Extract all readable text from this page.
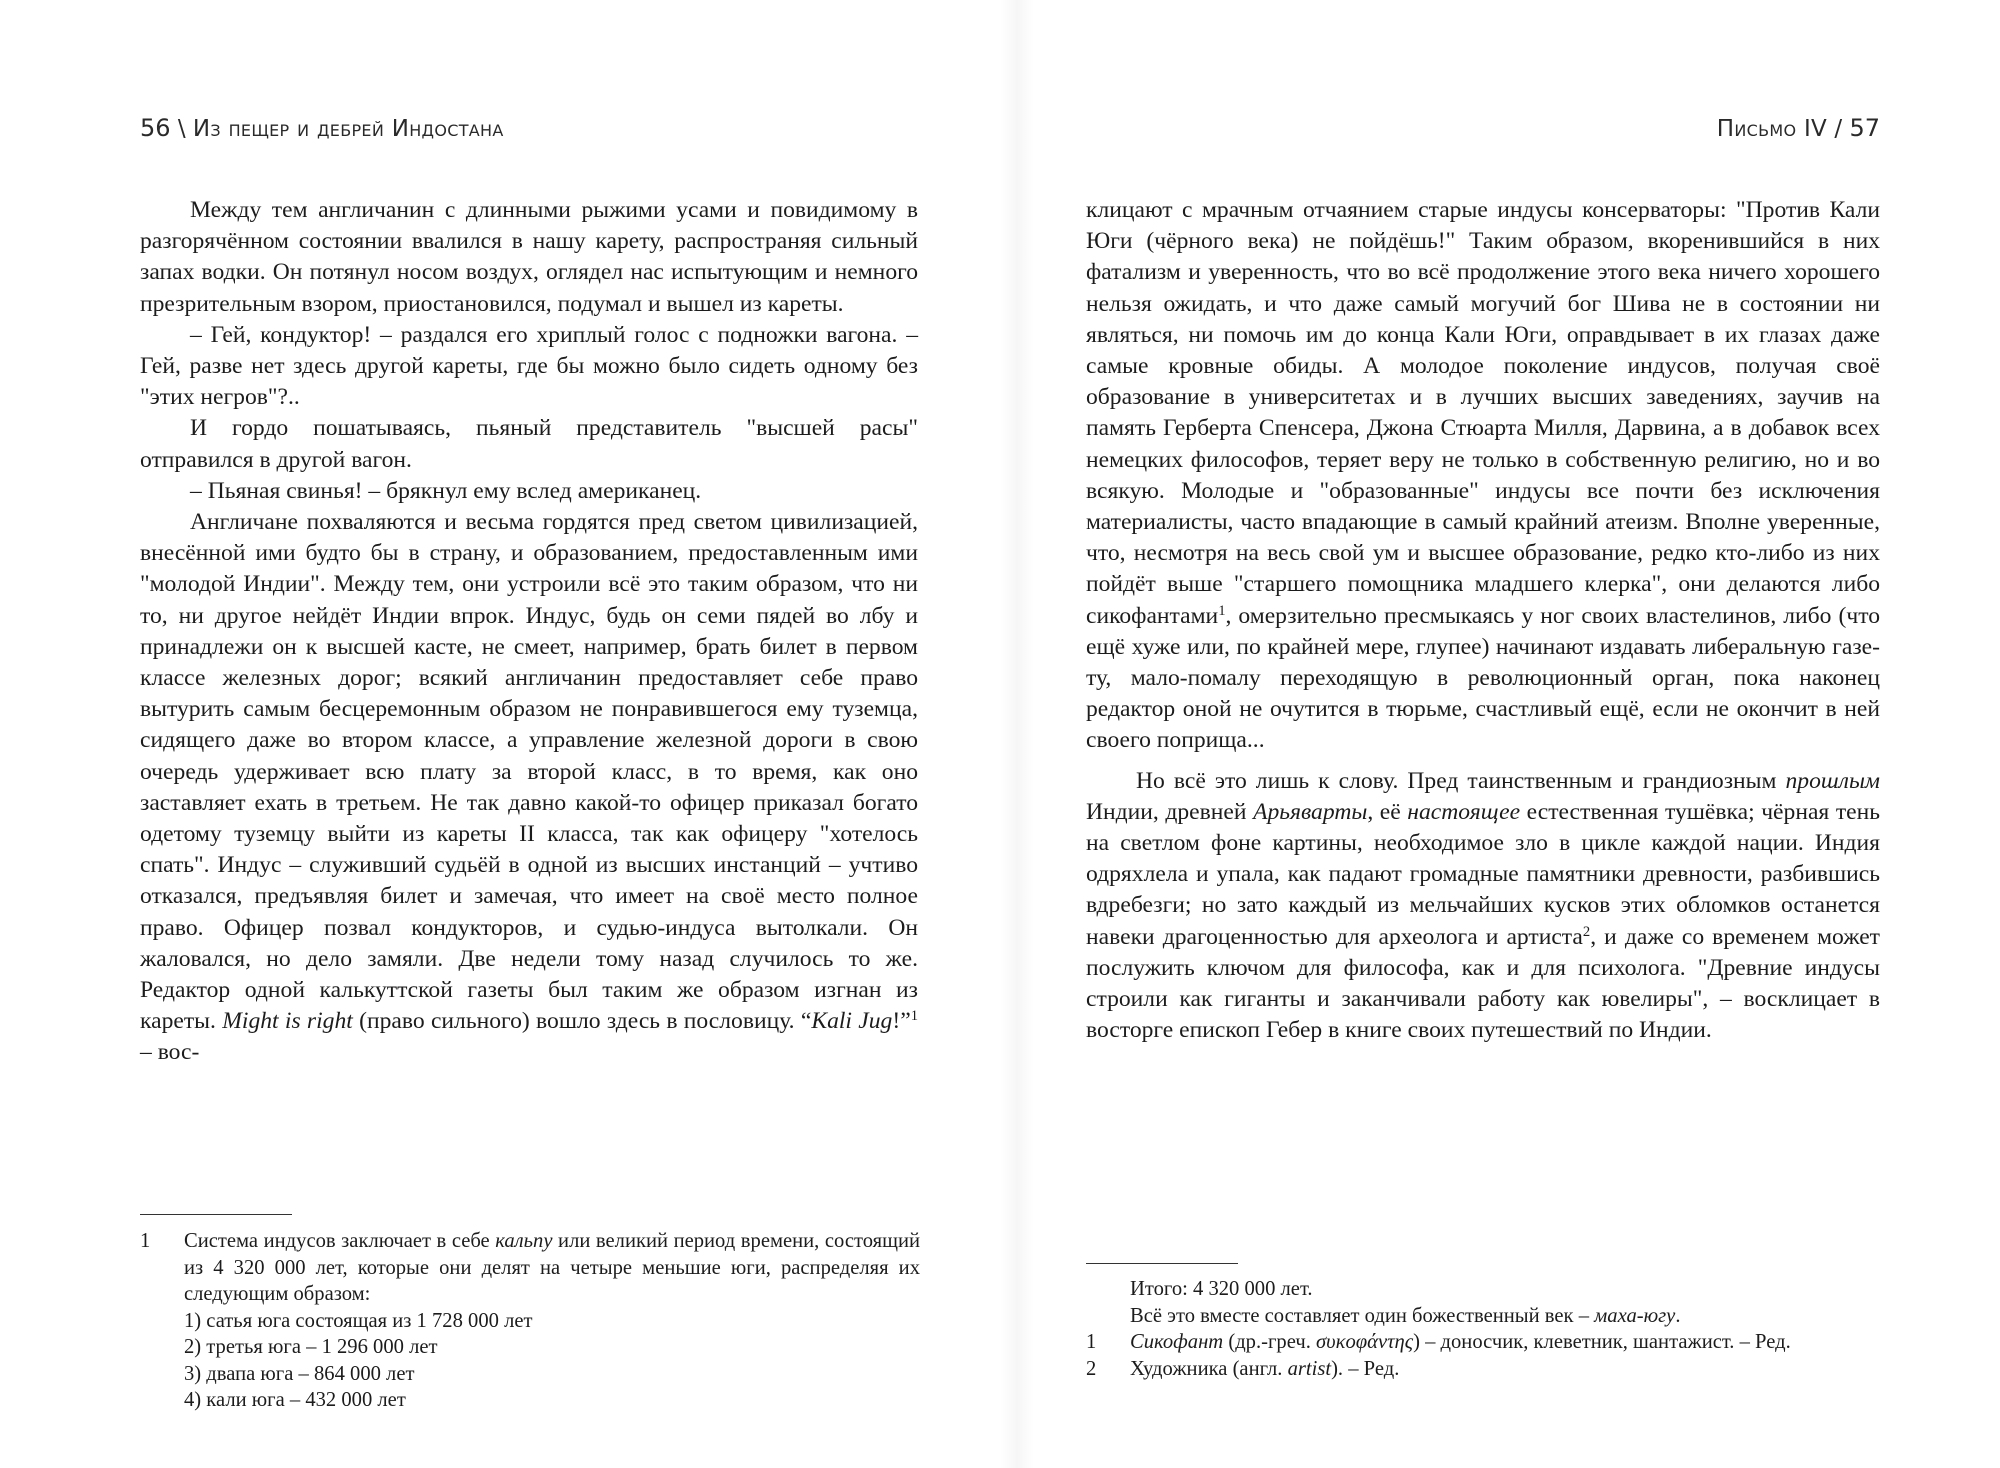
56 \ Из пещер и дебрей Индостана

Между тем англичанин с длинными рыжими усами и повидимому в разгорячённом состоянии ввалился в нашу карету, распространяя сильный запах водки. Он потянул носом воздух, оглядел нас испытующим и немного презрительным взором, приостановился, подумал и вышел из кареты.

– Гей, кондуктор! – раздался его хриплый голос с подножки вагона. – Гей, разве нет здесь другой кареты, где бы можно было сидеть одному без "этих негров"?..

И гордо пошатываясь, пьяный представитель "высшей расы" отправился в другой вагон.

– Пьяная свинья! – брякнул ему вслед американец.

Англичане похваляются и весьма гордятся пред светом цивилизацией, внесённой ими будто бы в страну, и образованием, предоставленным ими "молодой Индии". Между тем, они устроили всё это таким образом, что ни то, ни другое нейдёт Индии впрок. Индус, будь он семи пядей во лбу и принадлежи он к высшей касте, не смеет, например, брать билет в первом классе железных дорог; всякий англичанин предоставляет себе право вытурить самым бесцеремонным образом не понравившегося ему туземца, сидящего даже во втором классе, а управление железной дороги в свою очередь удерживает всю плату за второй класс, в то время, как оно заставляет ехать в третьем. Не так давно какой-то офицер приказал богато одетому туземцу выйти из кареты II класса, так как офицеру "хотелось спать". Индус – служивший судьёй в одной из высших инстанций – учтиво отказался, предъявляя билет и замечая, что имеет на своё место полное право. Офицер позвал кондукторов, и судью-индуса вытолкали. Он жаловался, но дело замяли. Две недели тому назад случилось то же. Редактор одной калькуттской газеты был таким же образом изгнан из кареты. Might is right (право сильного) вошло здесь в пословицу. “Kali Jug!”$^1$ – вос-

1	Система индусов заключает в себе кальпу или великий период времени, состоящий из 4 320 000 лет, которые они делят на четыре меньшие юги, распределяя их следующим образом:
1) сатья юга состоящая из 1 728 000 лет
2) третья юга – 1 296 000 лет
3) двапа юга – 864 000 лет
4) кали юга – 432 000 лет
Письмо IV / 57

клицают с мрачным отчаянием старые индусы консерваторы: "Против Кали Юги (чёрного века) не пойдёшь!" Таким образом, вкоренившийся в них фатализм и уверенность, что во всё продолжение этого века ничего хорошего нельзя ожидать, и что даже самый могучий бог Шива не в состоянии ни являться, ни помочь им до конца Кали Юги, оправдывает в их глазах даже самые кровные обиды. А молодое поколение индусов, получая своё образование в университетах и в лучших высших заведениях, заучив на память Герберта Спенсера, Джона Стюарта Милля, Дарвина, а в добавок всех немецких философов, теряет веру не только в собственную религию, но и во всякую. Молодые и "образованные" индусы все почти без исключения материалисты, часто впадающие в самый крайний атеизм. Вполне уверенные, что, несмотря на весь свой ум и высшее образование, редко кто-либо из них пойдёт выше "старшего помощника младшего клерка", они делаются либо сикофантами$^1$, омерзительно пресмыкаясь у ног своих властелинов, либо (что ещё хуже или, по крайней мере, глупее) начинают издавать либеральную газету, мало-помалу переходящую в революционный орган, пока наконец редактор оной не очутится в тюрьме, счастливый ещё, если не окончит в ней своего поприща...

Но всё это лишь к слову. Пред таинственным и грандиозным прошлым Индии, древней Арьяварты, её настоящее естественная тушёвка; чёрная тень на светлом фоне картины, необходимое зло в цикле каждой нации. Индия одряхлела и упала, как падают громадные памятники древности, разбившись вдребезги; но зато каждый из мельчайших кусков этих обломков останется навеки драгоценностью для археолога и артиста$^2$, и даже со временем может послужить ключом для философа, как и для психолога. "Древние индусы строили как гиганты и заканчивали работу как ювелиры", – восклицает в восторге епископ Гебер в книге своих путешествий по Индии.

Итого: 4 320 000 лет.
Всё это вместе составляет один божественный век – маха-югу.
1	Сикофант (др.-греч. συκοφάντης) – доносчик, клеветник, шантажист. – Ред.
2	Художника (англ. artist). – Ред.
